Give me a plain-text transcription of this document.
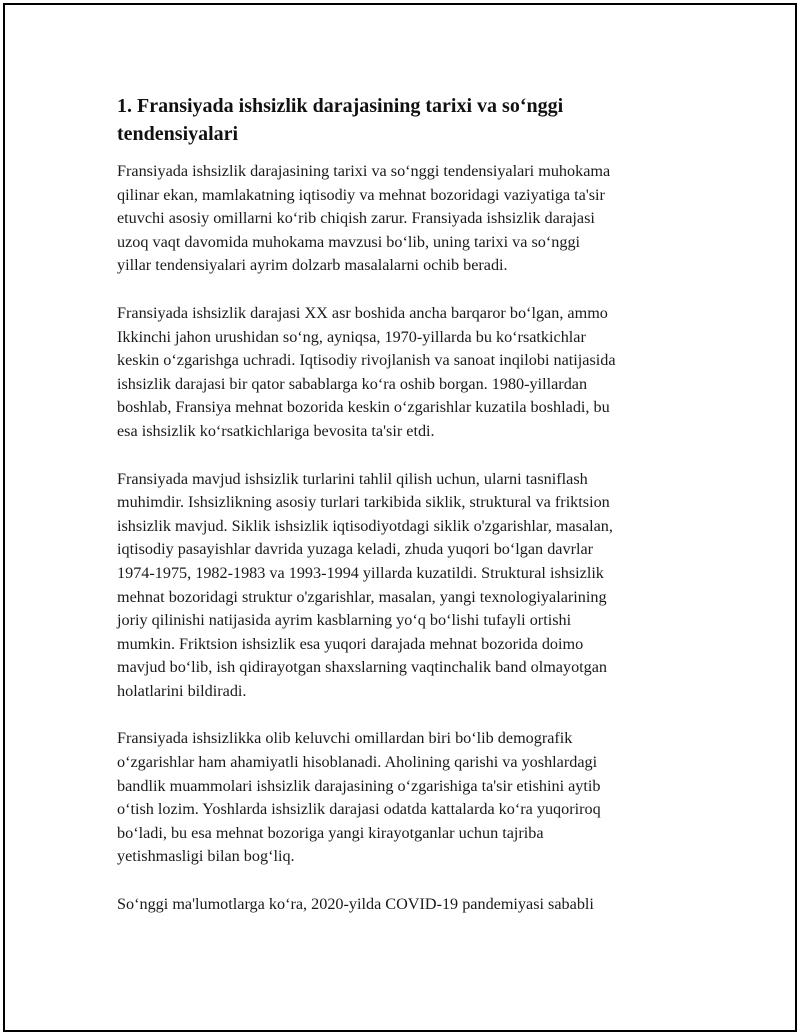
1. Fransiyada ishsizlik darajasining tarixi va so‘nggi
tendensiyalari

Fransiyada ishsizlik darajasining tarixi va so‘nggi tendensiyalari muhokama
qilinar ekan, mamlakatning iqtisodiy va mehnat bozoridagi vaziyatiga ta'sir
etuvchi asosiy omillarni ko‘rib chiqish zarur. Fransiyada ishsizlik darajasi
uzoq vaqt davomida muhokama mavzusi bo‘lib, uning tarixi va so‘nggi
yillar tendensiyalari ayrim dolzarb masalalarni ochib beradi.

Fransiyada ishsizlik darajasi XX asr boshida ancha barqaror bo‘lgan, ammo
Ikkinchi jahon urushidan so‘ng, ayniqsa, 1970-yillarda bu ko‘rsatkichlar
keskin o‘zgarishga uchradi. Iqtisodiy rivojlanish va sanoat inqilobi natijasida
ishsizlik darajasi bir qator sabablarga ko‘ra oshib borgan. 1980-yillardan
boshlab, Fransiya mehnat bozorida keskin o‘zgarishlar kuzatila boshladi, bu
esa ishsizlik ko‘rsatkichlariga bevosita ta'sir etdi.

Fransiyada mavjud ishsizlik turlarini tahlil qilish uchun, ularni tasniflash
muhimdir. Ishsizlikning asosiy turlari tarkibida siklik, struktural va friktsion
ishsizlik mavjud. Siklik ishsizlik iqtisodiyotdagi siklik o'zgarishlar, masalan,
iqtisodiy pasayishlar davrida yuzaga keladi, zhuda yuqori bo‘lgan davrlar
1974-1975, 1982-1983 va 1993-1994 yillarda kuzatildi. Struktural ishsizlik
mehnat bozoridagi struktur o'zgarishlar, masalan, yangi texnologiyalarining
joriy qilinishi natijasida ayrim kasblarning yo‘q bo‘lishi tufayli ortishi
mumkin. Friktsion ishsizlik esa yuqori darajada mehnat bozorida doimo
mavjud bo‘lib, ish qidirayotgan shaxslarning vaqtinchalik band olmayotgan
holatlarini bildiradi.

Fransiyada ishsizlikka olib keluvchi omillardan biri bo‘lib demografik
o‘zgarishlar ham ahamiyatli hisoblanadi. Aholining qarishi va yoshlardagi
bandlik muammolari ishsizlik darajasining o‘zgarishiga ta'sir etishini aytib
o‘tish lozim. Yoshlarda ishsizlik darajasi odatda kattalarda ko‘ra yuqoriroq
bo‘ladi, bu esa mehnat bozoriga yangi kirayotganlar uchun tajriba
yetishmasligi bilan bog‘liq.

So‘nggi ma'lumotlarga ko‘ra, 2020-yilda COVID-19 pandemiyasi sababli
